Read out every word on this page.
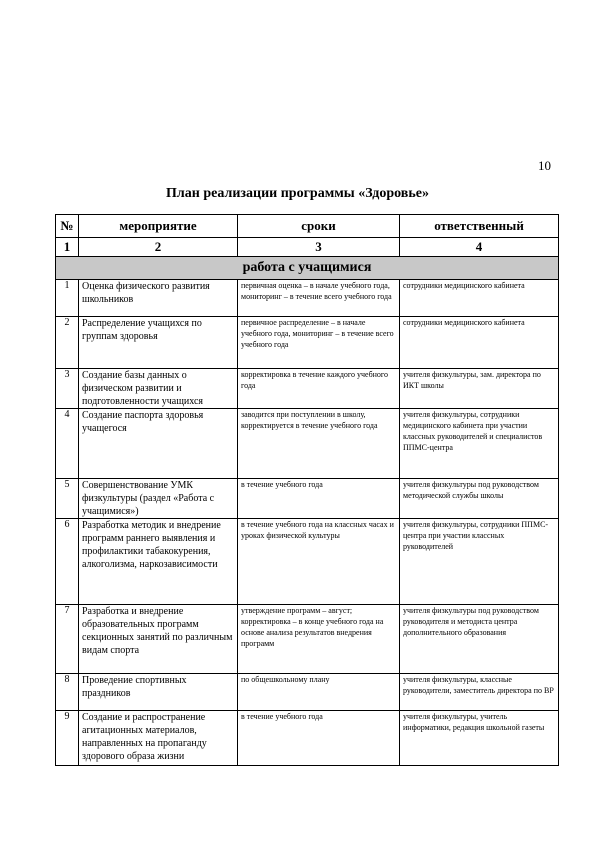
10
План реализации программы «Здоровье»
№	мероприятие	сроки	ответственный
1	2	3	4
работа с учащимися			
1	Оценка физического развития школьников	первичная оценка – в начале учебного года, мониторинг – в течение всего учебного года	сотрудники медицинского кабинета
2	Распределение учащихся по группам здоровья	первичное распределение – в начале учебного года, мониторинг – в течение всего учебного года	сотрудники медицинского кабинета
3	Создание базы данных о физическом развитии и подготовленности учащихся	корректировка в течение каждого учебного года	учителя физкультуры, зам. директора по ИКТ школы
4	Создание паспорта здоровья учащегося	заводится при поступлении в школу, корректируется в течение учебного года	учителя физкультуры, сотрудники медицинского кабинета при участии классных руководителей и специалистов ППМС-центра
5	Совершенствование УМК физкультуры (раздел «Работа с учащимися»)	в течение учебного года	учителя физкультуры под руководством методической службы школы
6	Разработка методик и внедрение программ раннего выявления и профилактики табакокурения, алкоголизма, наркозависимости	в течение учебного года на классных часах и уроках физической культуры	учителя физкультуры, сотрудники ППМС-центра при участии классных руководителей
7	Разработка и внедрение образовательных программ секционных занятий по различным видам спорта	утверждение программ – август; корректировка – в конце учебного года на основе анализа результатов внедрения программ	учителя физкультуры под руководством руководителя и методиста центра дополнительного образования
8	Проведение спортивных праздников	по общешкольному плану	учителя физкультуры, классные руководители, заместитель директора по ВР
9	Создание и распространение агитационных материалов, направленных на пропаганду здорового образа жизни	в течение учебного года	учителя физкультуры, учитель информатики, редакция школьной газеты
